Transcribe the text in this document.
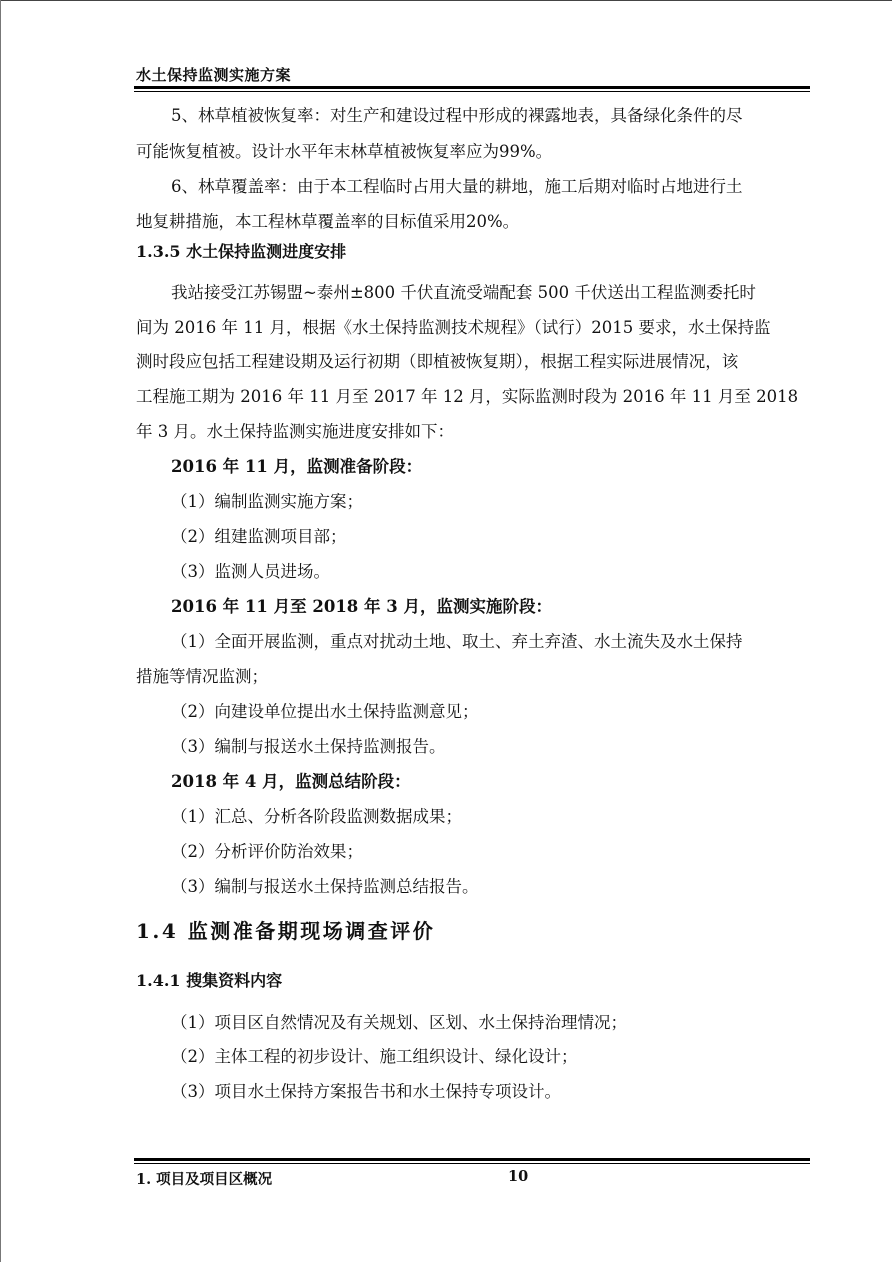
水土保持监测实施方案
5、林草植被恢复率：对生产和建设过程中形成的裸露地表，具备绿化条件的尽
可能恢复植被。设计水平年末林草植被恢复率应为99%。
6、林草覆盖率：由于本工程临时占用大量的耕地，施工后期对临时占地进行土
地复耕措施，本工程林草覆盖率的目标值采用20%。
1.3.5 水土保持监测进度安排
我站接受江苏锡盟~泰州±800 千伏直流受端配套 500 千伏送出工程监测委托时
间为 2016 年 11 月，根据《水土保持监测技术规程》（试行）2015 要求，水土保持监
测时段应包括工程建设期及运行初期（即植被恢复期），根据工程实际进展情况，该
工程施工期为 2016 年 11 月至 2017 年 12 月，实际监测时段为 2016 年 11 月至 2018
年 3 月。水土保持监测实施进度安排如下：
2016 年 11 月，监测准备阶段：
（1）编制监测实施方案；
（2）组建监测项目部；
（3）监测人员进场。
2016 年 11 月至 2018 年 3 月，监测实施阶段：
（1）全面开展监测，重点对扰动土地、取土、弃土弃渣、水土流失及水土保持
措施等情况监测；
（2）向建设单位提出水土保持监测意见；
（3）编制与报送水土保持监测报告。
2018 年 4 月，监测总结阶段：
（1）汇总、分析各阶段监测数据成果；
（2）分析评价防治效果；
（3）编制与报送水土保持监测总结报告。
1.4 监测准备期现场调查评价
1.4.1 搜集资料内容
（1）项目区自然情况及有关规划、区划、水土保持治理情况；
（2）主体工程的初步设计、施工组织设计、绿化设计；
（3）项目水土保持方案报告书和水土保持专项设计。
1. 项目及项目区概况	10
